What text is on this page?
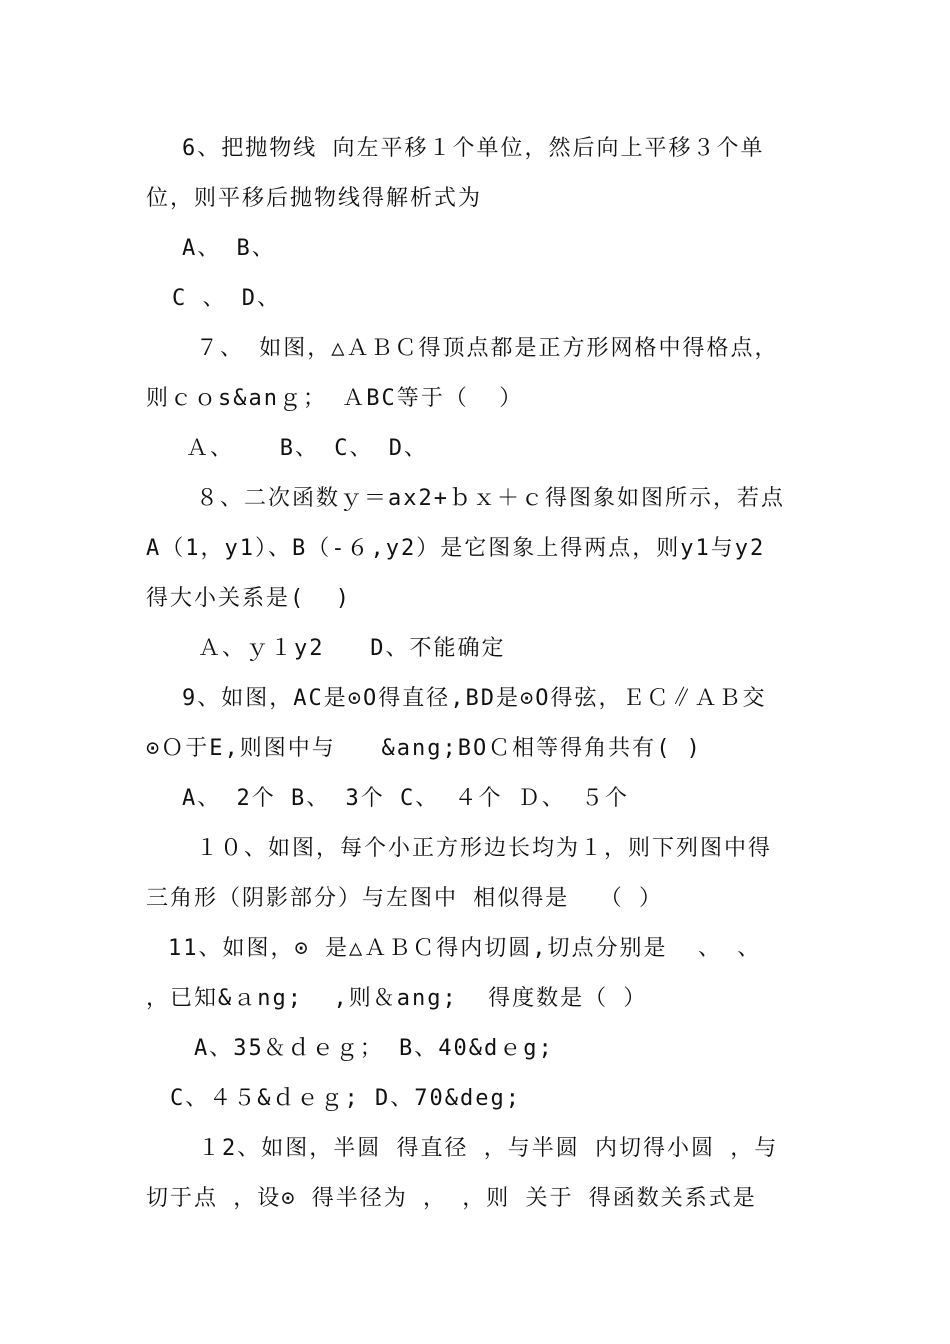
6、把抛物线 向左平移１个单位，然后向上平移３个单
位，则平移后抛物线得解析式为
A、 B、
C 、 D、
７、 如图，△ＡＢＣ得顶点都是正方形网格中得格点，
则ｃｏs&anｇ； ＡBC等于（  ）
Ａ、   B、 C、 D、
８、二次函数ｙ＝ax2+ｂｘ＋ｃ得图象如图所示，若点
A（1，y1）、B（-６,y2）是它图象上得两点，则y1与y2
得大小关系是(  )
Ａ、ｙ１y2   D、不能确定
9、如图，AC是⊙O得直径,BD是⊙O得弦，ＥＣ∥ＡＢ交
⊙Ｏ于E,则图中与   &ang;BOＣ相等得角共有( )
A、 2个 B、 3个 C、 ４个 Ｄ、 ５个
１０、如图，每个小正方形边长均为１，则下列图中得
三角形（阴影部分）与左图中 相似得是  （ ）
11、如图，⊙ 是△ＡＢＣ得内切圆,切点分别是  、 、
，已知&ａng;  ,则＆ang;  得度数是（ ）
A、35＆ｄｅｇ； B、40&dｅg;
C、４５&ｄｅｇ; D、70&deg;
１2、如图，半圆 得直径 ，与半圆 内切得小圆 ，与
切于点 ，设⊙ 得半径为 ， ，则 关于 得函数关系式是
